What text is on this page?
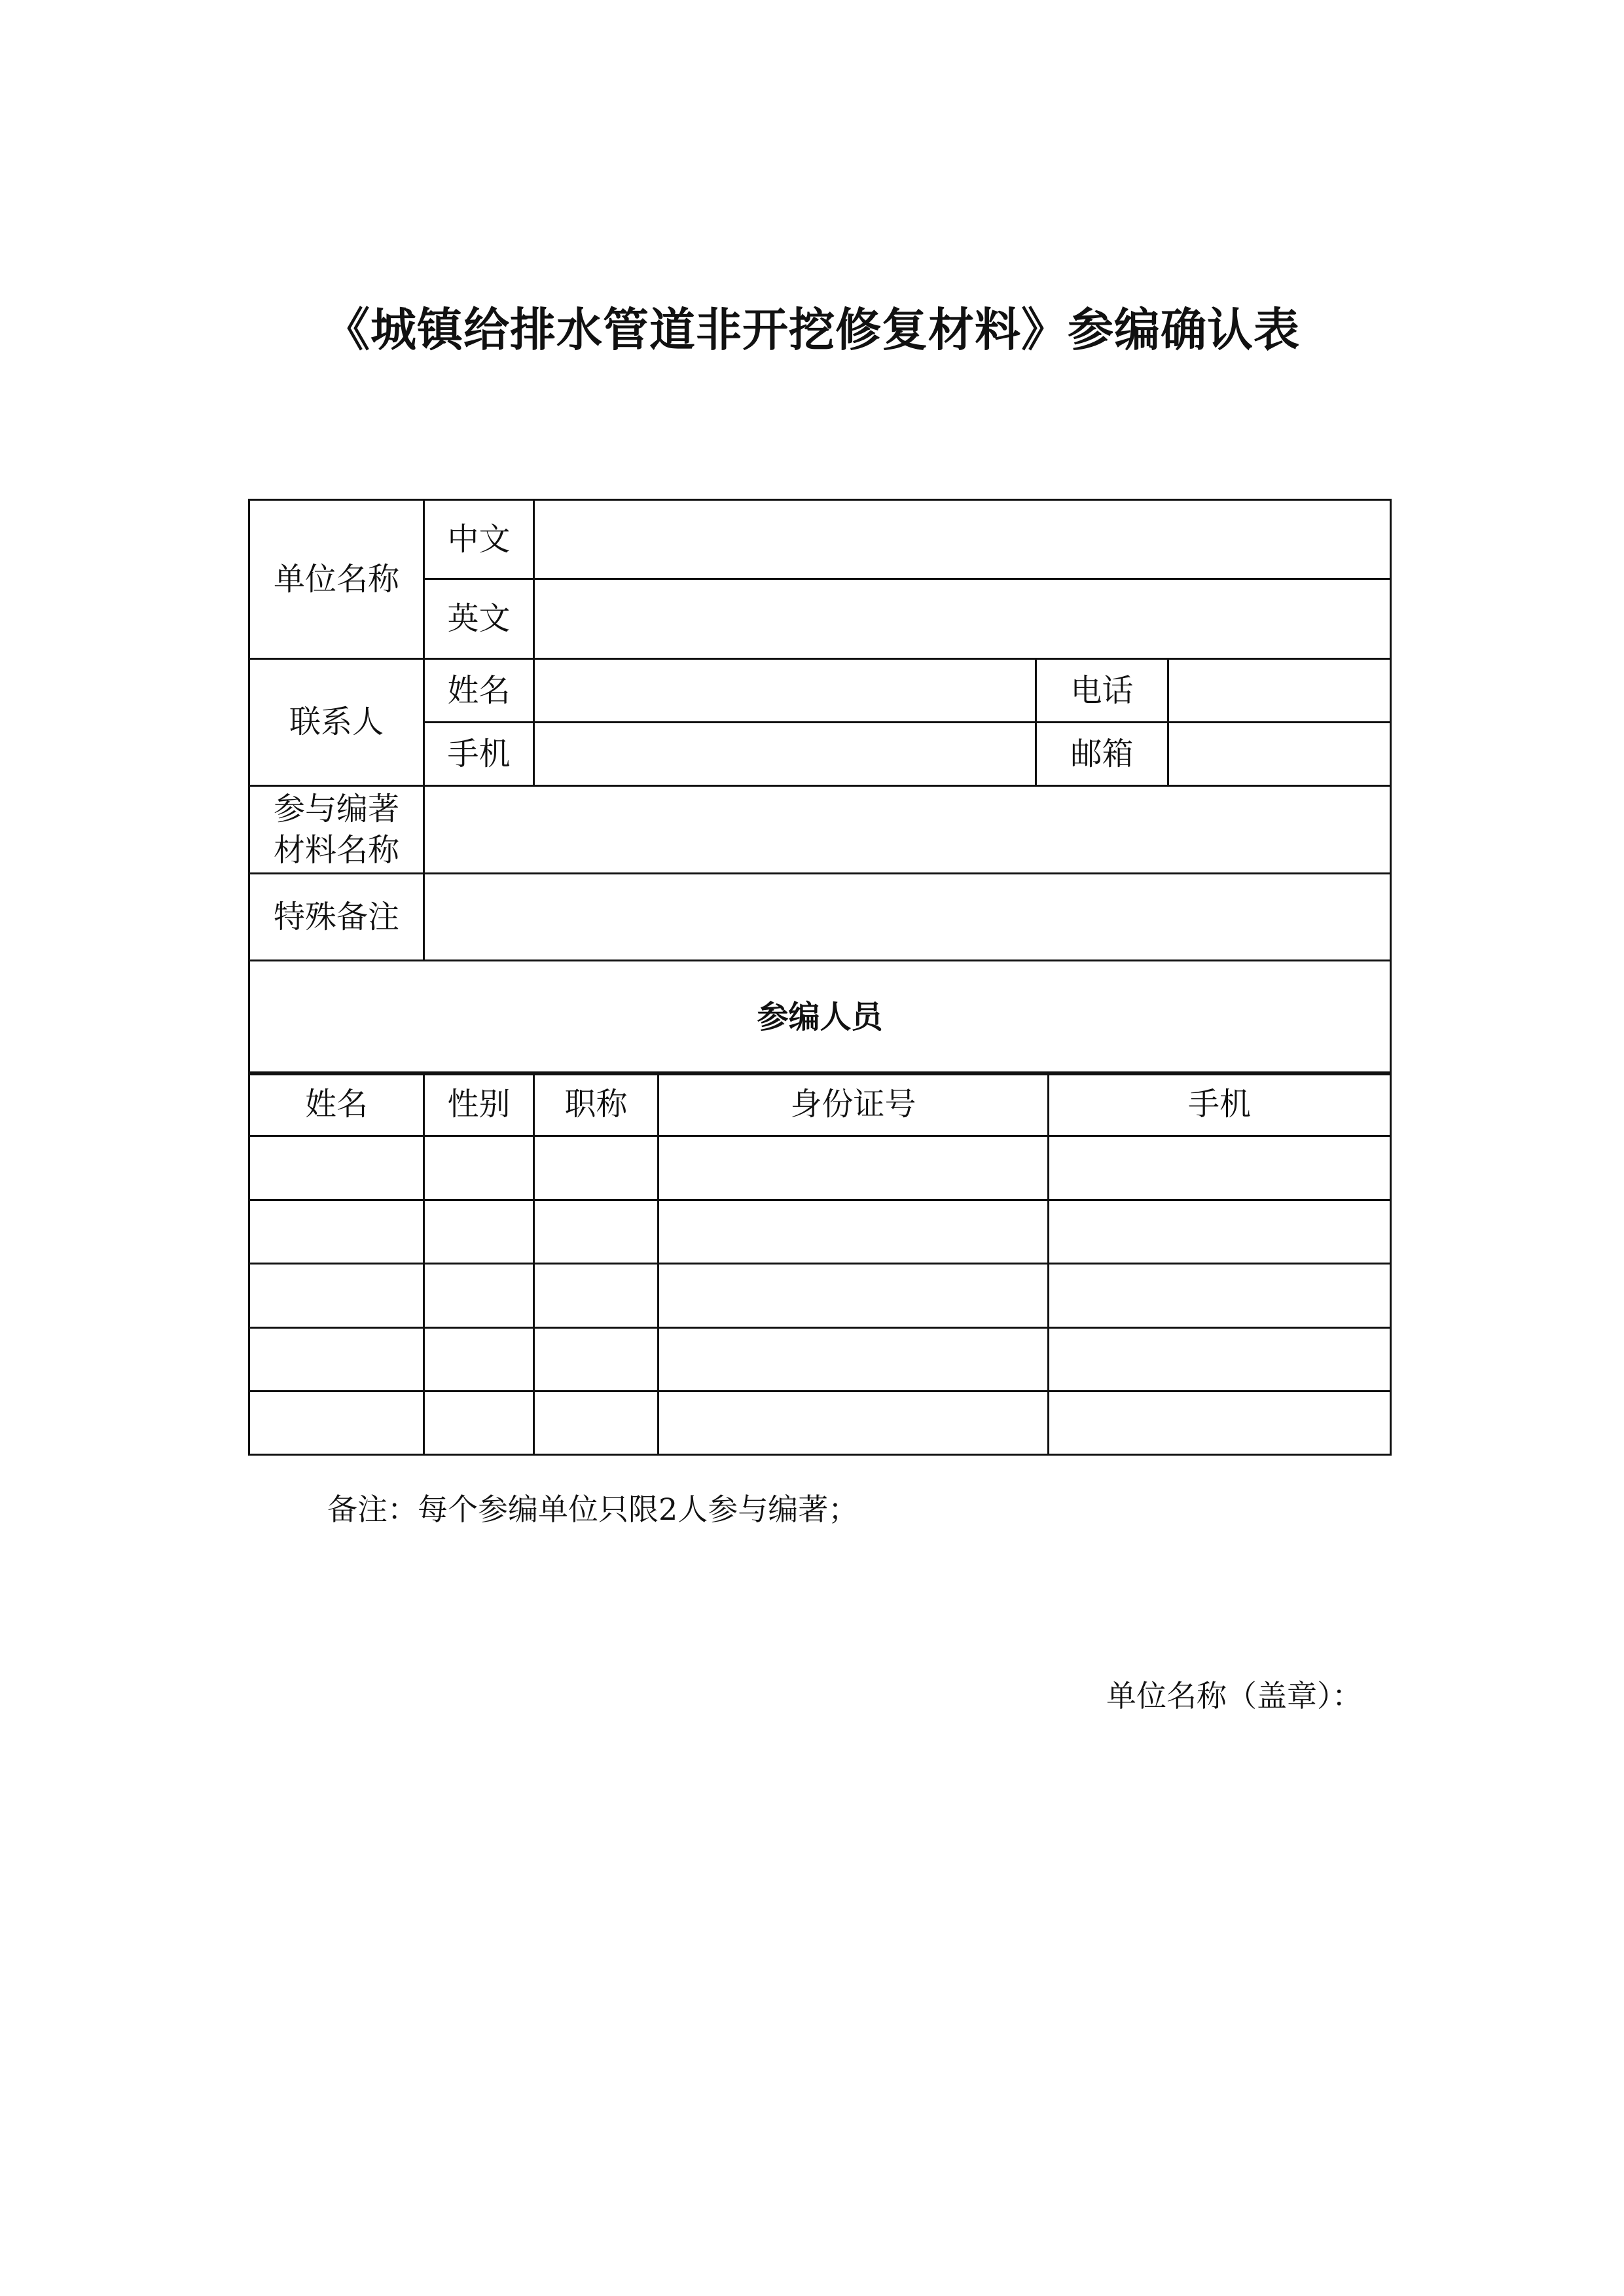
《城镇给排水管道非开挖修复材料》参编确认表
单位名称	中文			
	英文			
联系人	姓名		电话	
	手机		邮箱	

参与编著
材料名称				

特殊备注				
参编人员				
姓名	性别	职称	身份证号	手机

备注：每个参编单位只限2人参与编著；
单位名称（盖章）：
